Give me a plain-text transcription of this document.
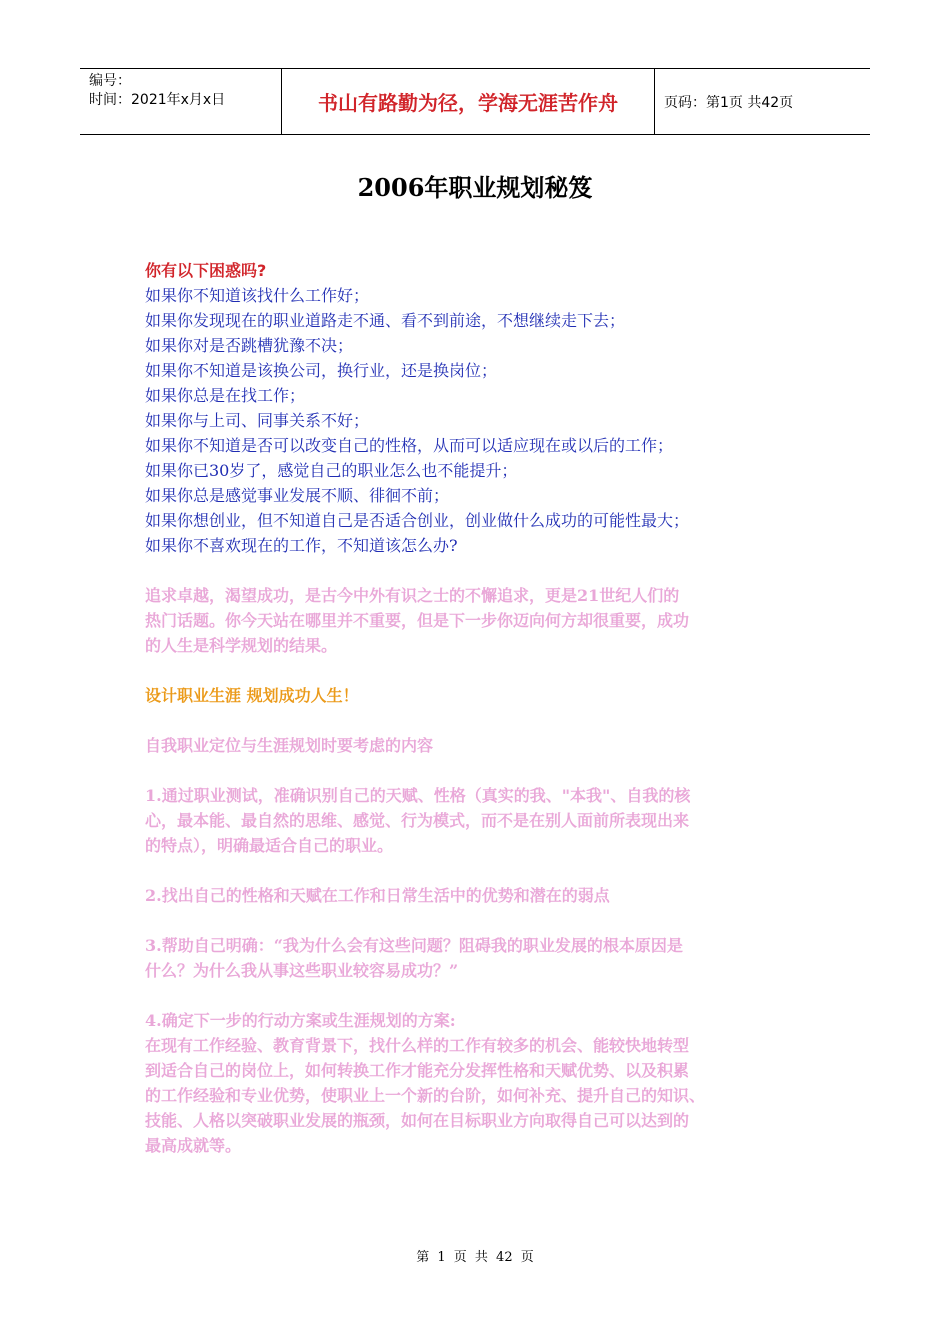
编号：
时间：2021年x月x日	书山有路勤为径，学海无涯苦作舟	页码：第1页 共42页
2006年职业规划秘笈
你有以下困惑吗?
如果你不知道该找什么工作好；
如果你发现现在的职业道路走不通、看不到前途，不想继续走下去；
如果你对是否跳槽犹豫不决；
如果你不知道是该换公司，换行业，还是换岗位；
如果你总是在找工作；
如果你与上司、同事关系不好；
如果你不知道是否可以改变自己的性格，从而可以适应现在或以后的工作；
如果你已30岁了，感觉自己的职业怎么也不能提升；
如果你总是感觉事业发展不顺、徘徊不前；
如果你想创业，但不知道自己是否适合创业，创业做什么成功的可能性最大；
如果你不喜欢现在的工作，不知道该怎么办?
追求卓越，渴望成功，是古今中外有识之士的不懈追求，更是21世纪人们的
热门话题。你今天站在哪里并不重要，但是下一步你迈向何方却很重要，成功
的人生是科学规划的结果。
设计职业生涯 规划成功人生！
自我职业定位与生涯规划时要考虑的内容
1.通过职业测试，准确识别自己的天赋、性格（真实的我、"本我"、自我的核
心，最本能、最自然的思维、感觉、行为模式，而不是在别人面前所表现出来
的特点），明确最适合自己的职业。
2.找出自己的性格和天赋在工作和日常生活中的优势和潜在的弱点
3.帮助自己明确：“我为什么会有这些问题？阻碍我的职业发展的根本原因是
什么？为什么我从事这些职业较容易成功？”
4.确定下一步的行动方案或生涯规划的方案:
在现有工作经验、教育背景下，找什么样的工作有较多的机会、能较快地转型
到适合自己的岗位上，如何转换工作才能充分发挥性格和天赋优势、以及积累
的工作经验和专业优势，使职业上一个新的台阶，如何补充、提升自己的知识、
技能、人格以突破职业发展的瓶颈，如何在目标职业方向取得自己可以达到的
最高成就等。
第 1 页 共 42 页
